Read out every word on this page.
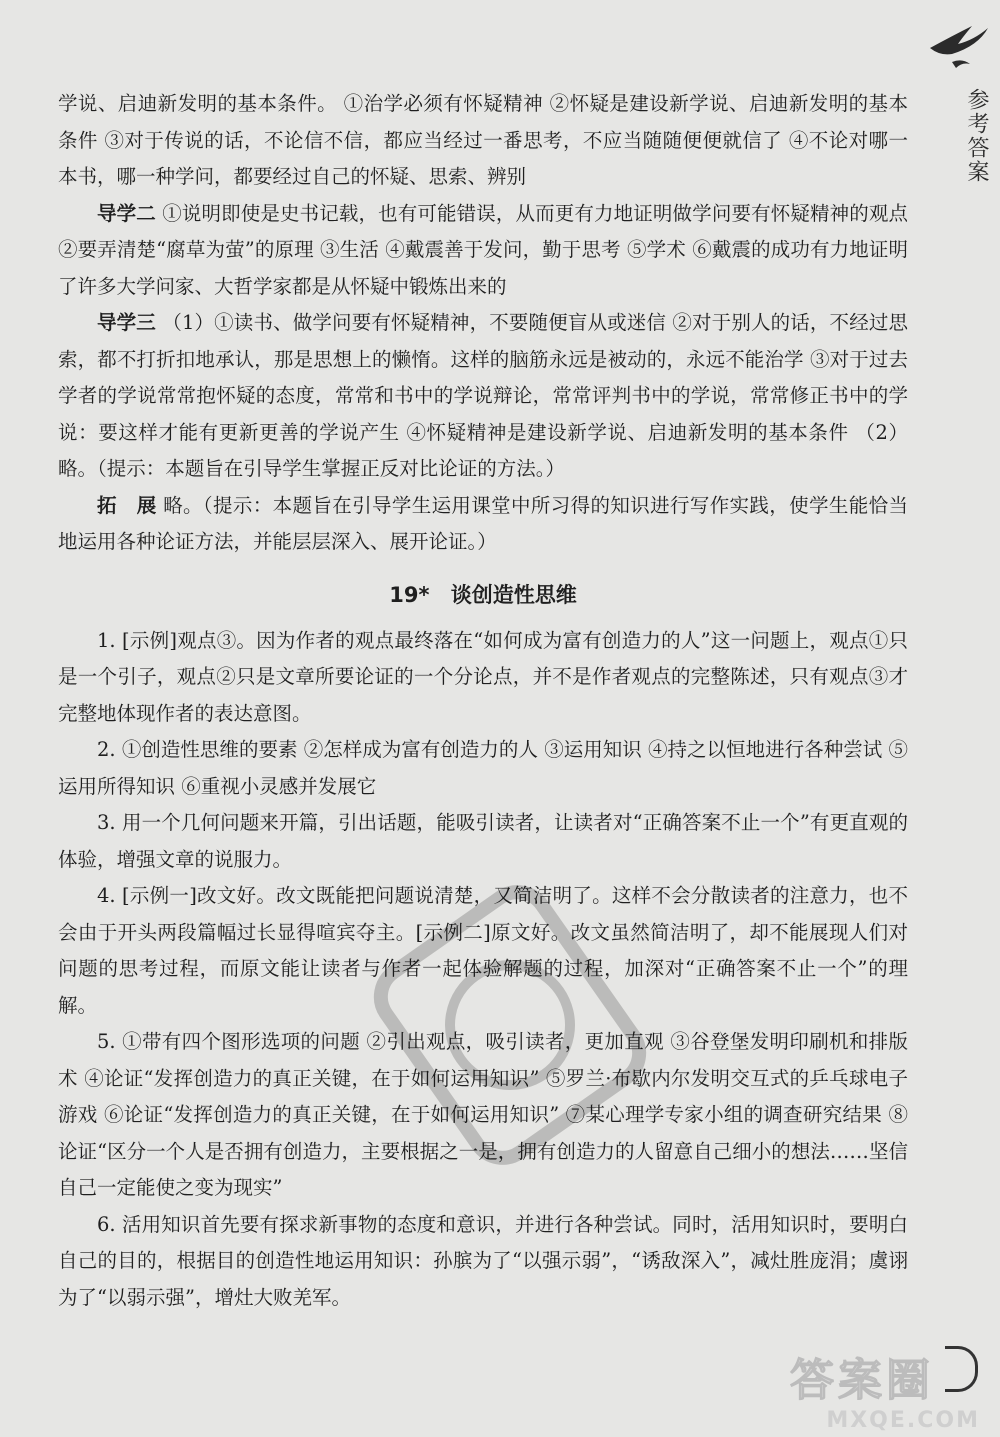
参考答案

学说、启迪新发明的基本条件。 ①治学必须有怀疑精神 ②怀疑是建设新学说、启迪新发明的基本条件 ③对于传说的话，不论信不信，都应当经过一番思考，不应当随随便便就信了 ④不论对哪一本书，哪一种学问，都要经过自己的怀疑、思索、辨别

导学二 ①说明即使是史书记载，也有可能错误，从而更有力地证明做学问要有怀疑精神的观点 ②要弄清楚“腐草为萤”的原理 ③生活 ④戴震善于发问，勤于思考 ⑤学术 ⑥戴震的成功有力地证明了许多大学问家、大哲学家都是从怀疑中锻炼出来的

导学三 （1）①读书、做学问要有怀疑精神，不要随便盲从或迷信 ②对于别人的话，不经过思索，都不打折扣地承认，那是思想上的懒惰。这样的脑筋永远是被动的，永远不能治学 ③对于过去学者的学说常常抱怀疑的态度，常常和书中的学说辩论，常常评判书中的学说，常常修正书中的学说：要这样才能有更新更善的学说产生 ④怀疑精神是建设新学说、启迪新发明的基本条件 （2）略。（提示：本题旨在引导学生掌握正反对比论证的方法。）

拓　展 略。（提示：本题旨在引导学生运用课堂中所习得的知识进行写作实践，使学生能恰当地运用各种论证方法，并能层层深入、展开论证。）

19* 谈创造性思维

1. [示例]观点③。因为作者的观点最终落在“如何成为富有创造力的人”这一问题上，观点①只是一个引子，观点②只是文章所要论证的一个分论点，并不是作者观点的完整陈述，只有观点③才完整地体现作者的表达意图。

2. ①创造性思维的要素 ②怎样成为富有创造力的人 ③运用知识 ④持之以恒地进行各种尝试 ⑤运用所得知识 ⑥重视小灵感并发展它

3. 用一个几何问题来开篇，引出话题，能吸引读者，让读者对“正确答案不止一个”有更直观的体验，增强文章的说服力。

4. [示例一]改文好。改文既能把问题说清楚，又简洁明了。这样不会分散读者的注意力，也不会由于开头两段篇幅过长显得喧宾夺主。[示例二]原文好。改文虽然简洁明了，却不能展现人们对问题的思考过程，而原文能让读者与作者一起体验解题的过程，加深对“正确答案不止一个”的理解。

5. ①带有四个图形选项的问题 ②引出观点，吸引读者，更加直观 ③谷登堡发明印刷机和排版术 ④论证“发挥创造力的真正关键，在于如何运用知识” ⑤罗兰·布歇内尔发明交互式的乒乓球电子游戏 ⑥论证“发挥创造力的真正关键，在于如何运用知识” ⑦某心理学专家小组的调查研究结果 ⑧论证“区分一个人是否拥有创造力，主要根据之一是，拥有创造力的人留意自己细小的想法……坚信自己一定能使之变为现实”

6. 活用知识首先要有探求新事物的态度和意识，并进行各种尝试。同时，活用知识时，要明白自己的目的，根据目的创造性地运用知识：孙膑为了“以强示弱”，“诱敌深入”，减灶胜庞涓；虞诩为了“以弱示强”，增灶大败羌军。

答案圈
MXQE.COM
